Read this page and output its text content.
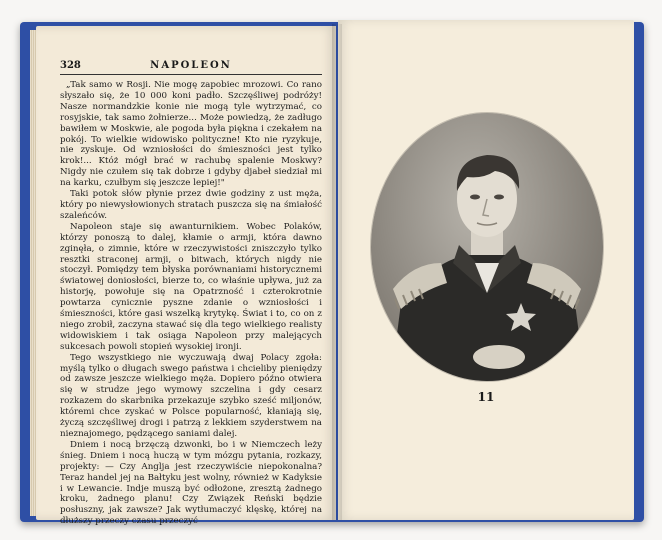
328	NAPOLEON

„Tak samo w Rosji. Nie mogę zapobiec mrozowi. Co rano słyszało się, że 10 000 koni padło. Szczęśliwej podróży! Nasze normandzkie konie nie mogą tyle wytrzymać, co rosyjskie, tak samo żołnierze... Może powiedzą, że zadługo bawiłem w Moskwie, ale pogoda była piękna i czekałem na pokój. To wielkie widowisko polityczne! Kto nie ryzykuje, nie zyskuje. Od wzniosłości do śmieszności jest tylko krok!... Któż mógł brać w rachubę spalenie Moskwy? Nigdy nie czułem się tak dobrze i gdyby djabeł siedział mi na karku, czułbym się jeszcze lepiej!"

Taki potok słów płynie przez dwie godziny z ust męża, który po niewysłowionych stratach puszcza się na śmiałość szaleńców.

Napoleon staje się awanturnikiem. Wobec Polaków, którzy ponoszą to dalej, kłamie o armji, która dawno zginęła, o zimnie, które w rzeczywistości zniszczyło tylko resztki straconej armji, o bitwach, których nigdy nie stoczył. Pomiędzy tem błyska porównaniami historycznemi światowej doniosłości, bierze to, co właśnie upływa, już za historję, powołuje się na Opatrzność i czterokrotnie powtarza cynicznie pyszne zdanie o wzniosłości i śmieszności, które gasi wszelką krytykę. Świat i to, co on z niego zrobił, zaczyna stawać się dla tego wielkiego realisty widowiskiem i tak osiąga Napoleon przy malejących sukcesach powoli stopień wysokiej ironji.

Tego wszystkiego nie wyczuwają dwaj Polacy zgoła: myślą tylko o długach swego państwa i chcieliby pieniędzy od zawsze jeszcze wielkiego męża. Dopiero późno otwiera się w strudze jego wymowy szczelina i gdy cesarz rozkazem do skarbnika przekazuje szybko sześć miljonów, któremi chce zyskać w Polsce popularność, kłaniają się, życzą szczęśliwej drogi i patrzą z lekkiem szyderstwem na nieznajomego, pędzącego saniami dalej.

Dniem i nocą brzęczą dzwonki, bo i w Niemczech leży śnieg. Dniem i nocą huczą w tym mózgu pytania, rozkazy, projekty: — Czy Anglja jest rzeczywiście niepokonalna? Teraz handel jej na Bałtyku jest wolny, również w Kadyksie i w Lewancie. Indje muszą być odłożone, zresztą żadnego kroku, żadnego planu! Czy Związek Reński będzie posłuszny, jak zawsze? Jak wytłumaczyć klęskę, której na dłuższy przeczy czasu przeczyć

11
